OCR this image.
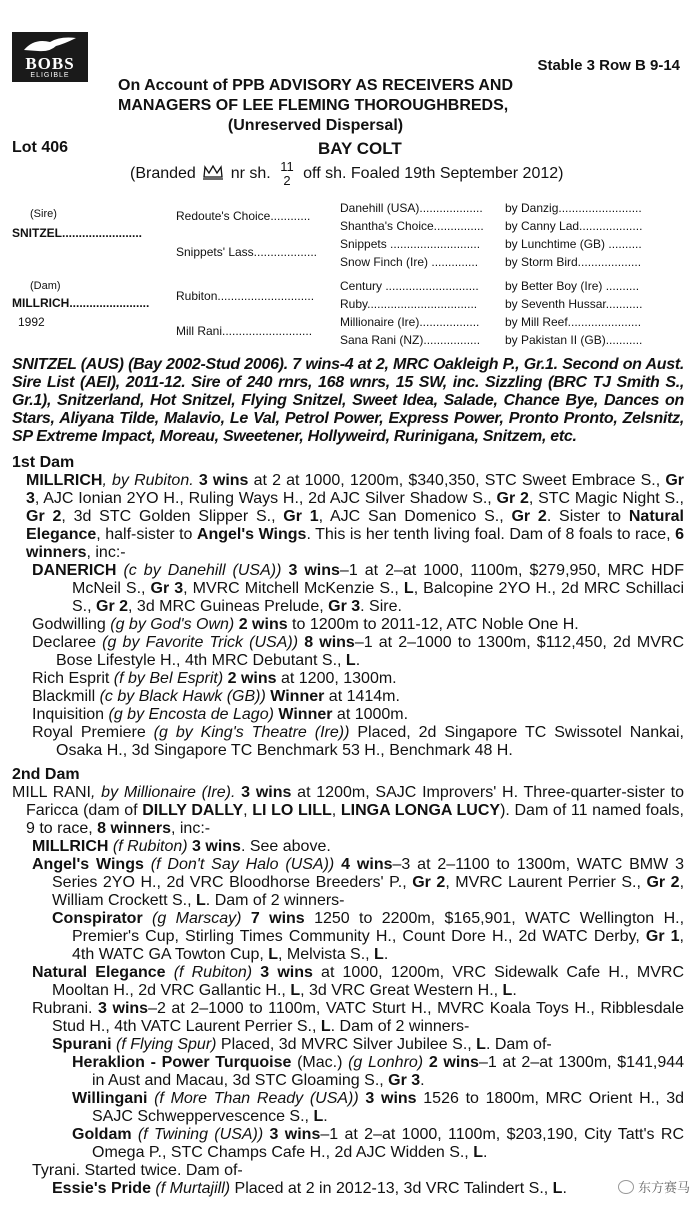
BOBS
ELIGIBLE
Stable 3 Row B 9-14
On Account of PPB ADVISORY AS RECEIVERS AND
MANAGERS OF LEE FLEMING THOROUGHBREDS,
(Unreserved Dispersal)
Lot 406	BAY COLT
(Branded nr sh. 11
2 off sh. Foaled 19th September 2012)
(Sire)
SNITZEL........................
(Dam)
MILLRICH........................
1992
Redoute's Choice............
Snippets' Lass...................
Rubiton.............................
Mill Rani...........................
Danehill (USA)...................
Shantha's Choice...............
Snippets ...........................
Snow Finch (Ire) ..............
Century ............................
Ruby.................................
Millionaire (Ire)..................
Sana Rani (NZ).................
by Danzig.........................
by Canny Lad...................
by Lunchtime (GB) ..........
by Storm Bird...................
by Better Boy (Ire) ..........
by Seventh Hussar...........
by Mill Reef......................
by Pakistan II (GB)...........

SNITZEL (AUS) (Bay 2002-Stud 2006). 7 wins-4 at 2, MRC Oakleigh P., Gr.1. Second on Aust. Sire List (AEI), 2011-12. Sire of 240 rnrs, 168 wnrs, 15 SW, inc. Sizzling (BRC TJ Smith S., Gr.1), Snitzerland, Hot Snitzel, Flying Snitzel, Sweet Idea, Salade, Chance Bye, Dances on Stars, Aliyana Tilde, Malavio, Le Val, Petrol Power, Express Power, Pronto Pronto, Zelsnitz, SP Extreme Impact, Moreau, Sweetener, Hollyweird, Rurinigana, Snitzem, etc.

1st Dam

MILLRICH, by Rubiton. 3 wins at 2 at 1000, 1200m, $340,350, STC Sweet Embrace S., Gr 3, AJC Ionian 2YO H., Ruling Ways H., 2d AJC Silver Shadow S., Gr 2, STC Magic Night S., Gr 2, 3d STC Golden Slipper S., Gr 1, AJC San Domenico S., Gr 2. Sister to Natural Elegance, half-sister to Angel's Wings. This is her tenth living foal. Dam of 8 foals to race, 6 winners, inc:-

DANERICH (c by Danehill (USA)) 3 wins–1 at 2–at 1000, 1100m, $279,950, MRC HDF McNeil S., Gr 3, MVRC Mitchell McKenzie S., L, Balcopine 2YO H., 2d MRC Schillaci S., Gr 2, 3d MRC Guineas Prelude, Gr 3. Sire.

Godwilling (g by God's Own) 2 wins to 1200m to 2011-12, ATC Noble One H.

Declaree (g by Favorite Trick (USA)) 8 wins–1 at 2–1000 to 1300m, $112,450, 2d MVRC Bose Lifestyle H., 4th MRC Debutant S., L.

Rich Esprit (f by Bel Esprit) 2 wins at 1200, 1300m.

Blackmill (c by Black Hawk (GB)) Winner at 1414m.

Inquisition (g by Encosta de Lago) Winner at 1000m.

Royal Premiere (g by King's Theatre (Ire)) Placed, 2d Singapore TC Swissotel Nankai, Osaka H., 3d Singapore TC Benchmark 53 H., Benchmark 48 H.

2nd Dam

MILL RANI, by Millionaire (Ire). 3 wins at 1200m, SAJC Improvers' H. Three-quarter-sister to Faricca (dam of DILLY DALLY, LI LO LILL, LINGA LONGA LUCY). Dam of 11 named foals, 9 to race, 8 winners, inc:-

MILLRICH (f Rubiton) 3 wins. See above.

Angel's Wings (f Don't Say Halo (USA)) 4 wins–3 at 2–1100 to 1300m, WATC BMW 3 Series 2YO H., 2d VRC Bloodhorse Breeders' P., Gr 2, MVRC Laurent Perrier S., Gr 2, William Crockett S., L. Dam of 2 winners-

Conspirator (g Marscay) 7 wins 1250 to 2200m, $165,901, WATC Wellington H., Premier's Cup, Stirling Times Community H., Count Dore H., 2d WATC Derby, Gr 1, 4th WATC GA Towton Cup, L, Melvista S., L.

Natural Elegance (f Rubiton) 3 wins at 1000, 1200m, VRC Sidewalk Cafe H., MVRC Mooltan H., 2d VRC Gallantic H., L, 3d VRC Great Western H., L.

Rubrani. 3 wins–2 at 2–1000 to 1100m, VATC Sturt H., MVRC Koala Toys H., Ribblesdale Stud H., 4th VATC Laurent Perrier S., L. Dam of 2 winners-

Spurani (f Flying Spur) Placed, 3d MVRC Silver Jubilee S., L. Dam of-

Heraklion - Power Turquoise (Mac.) (g Lonhro) 2 wins–1 at 2–at 1300m, $141,944 in Aust and Macau, 3d STC Gloaming S., Gr 3.

Willingani (f More Than Ready (USA)) 3 wins 1526 to 1800m, MRC Orient H., 3d SAJC Schweppervescence S., L.

Goldam (f Twining (USA)) 3 wins–1 at 2–at 1000, 1100m, $203,190, City Tatt's RC Omega P., STC Champs Cafe H., 2d AJC Widden S., L.

Tyrani. Started twice. Dam of-

Essie's Pride (f Murtajill) Placed at 2 in 2012-13, 3d VRC Talindert S., L.	东方赛马
